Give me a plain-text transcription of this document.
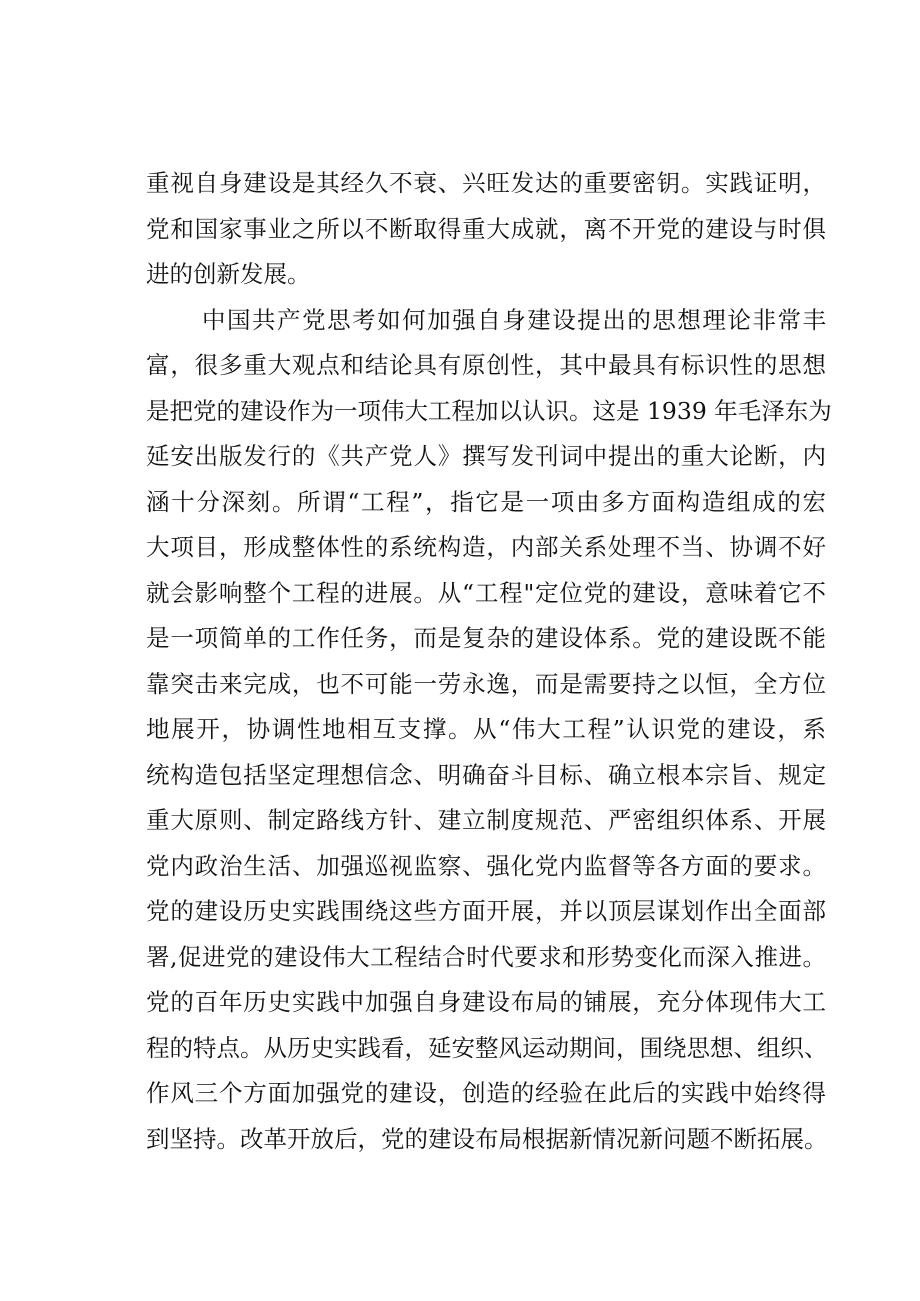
重视自身建设是其经久不衰、兴旺发达的重要密钥。实践证明，
党和国家事业之所以不断取得重大成就，离不开党的建设与时俱
进的创新发展。
中国共产党思考如何加强自身建设提出的思想理论非常丰
富，很多重大观点和结论具有原创性，其中最具有标识性的思想
是把党的建设作为一项伟大工程加以认识。这是 1939 年毛泽东为
延安出版发行的《共产党人》撰写发刊词中提出的重大论断，内
涵十分深刻。所谓“工程”，指它是一项由多方面构造组成的宏
大项目，形成整体性的系统构造，内部关系处理不当、协调不好
就会影响整个工程的进展。从“工程"定位党的建设，意味着它不
是一项简单的工作任务，而是复杂的建设体系。党的建设既不能
靠突击来完成，也不可能一劳永逸，而是需要持之以恒，全方位
地展开，协调性地相互支撑。从“伟大工程”认识党的建设，系
统构造包括坚定理想信念、明确奋斗目标、确立根本宗旨、规定
重大原则、制定路线方针、建立制度规范、严密组织体系、开展
党内政治生活、加强巡视监察、强化党内监督等各方面的要求。
党的建设历史实践围绕这些方面开展，并以顶层谋划作出全面部
署,促进党的建设伟大工程结合时代要求和形势变化而深入推进。
党的百年历史实践中加强自身建设布局的铺展，充分体现伟大工
程的特点。从历史实践看，延安整风运动期间，围绕思想、组织、
作风三个方面加强党的建设，创造的经验在此后的实践中始终得
到坚持。改革开放后，党的建设布局根据新情况新问题不断拓展。
